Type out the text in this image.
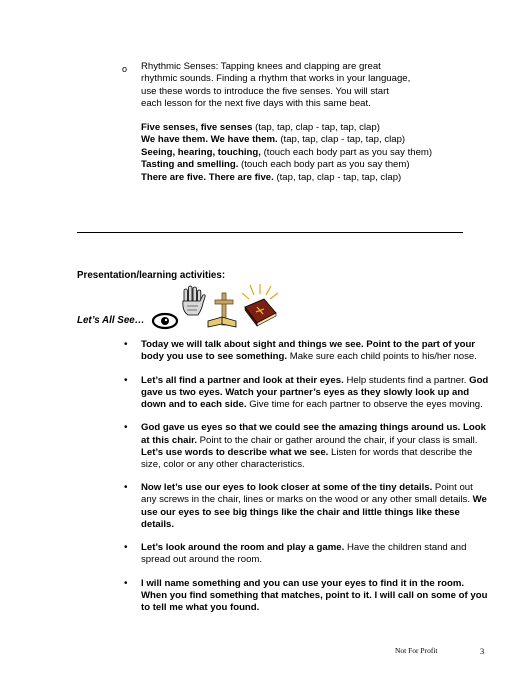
o Rhythmic Senses: Tapping knees and clapping are great

rhythmic sounds. Finding a rhythm that works in your language,

use these words to introduce the five senses. You will start

each lesson for the next five days with this same beat.

Five senses, five senses (tap, tap, clap - tap, tap, clap)
We have them. We have them. (tap, tap, clap - tap, tap, clap)
Seeing, hearing, touching, (touch each body part as you say them)
Tasting and smelling. (touch each body part as you say them)
There are five. There are five. (tap, tap, clap - tap, tap, clap)
Presentation/learning activities:
Let’s All See…
• Today we will talk about sight and things we see. Point to the part of your body you use to see something. Make sure each child points to his/her nose.
• Let’s all find a partner and look at their eyes. Help students find a partner. God gave us two eyes. Watch your partner’s eyes as they slowly look up and down and to each side. Give time for each partner to observe the eyes moving.
• God gave us eyes so that we could see the amazing things around us. Look at this chair. Point to the chair or gather around the chair, if your class is small. Let’s use words to describe what we see. Listen for words that describe the size, color or any other characteristics.
• Now let’s use our eyes to look closer at some of the tiny details. Point out any screws in the chair, lines or marks on the wood or any other small details. We use our eyes to see big things like the chair and little things like these details.
• Let’s look around the room and play a game. Have the children stand and spread out around the room.
• I will name something and you can use your eyes to find it in the room. When you find something that matches, point to it. I will call on some of you to tell me what you found.
Not For Profit	3
